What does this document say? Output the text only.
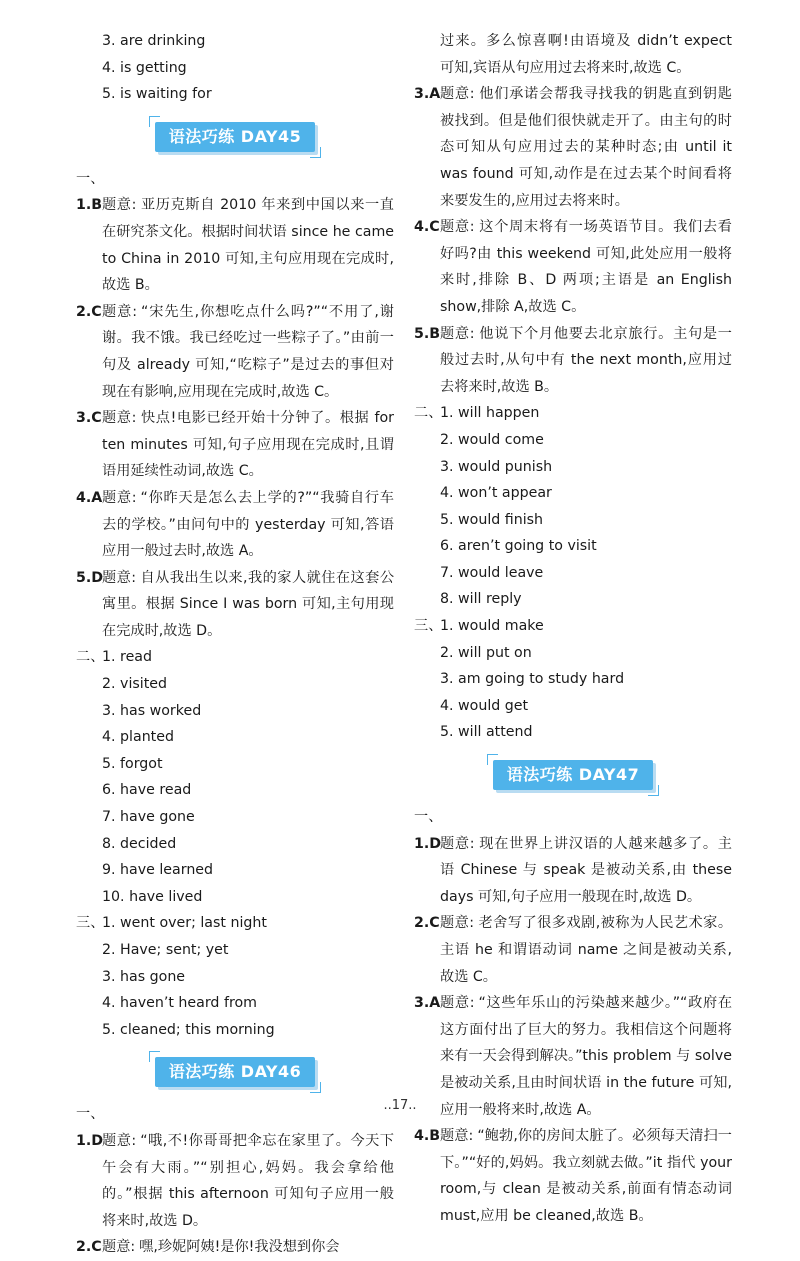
3. are drinking
4. is getting
5. is waiting for
语法巧练 DAY45
一、
1.B 题意: 亚历克斯自 2010 年来到中国以来一直在研究茶文化。根据时间状语 since he came to China in 2010 可知,主句应用现在完成时,故选 B。
2.C 题意: “宋先生,你想吃点什么吗?”“不用了,谢谢。我不饿。我已经吃过一些粽子了。”由前一句及 already 可知,“吃粽子”是过去的事但对现在有影响,应用现在完成时,故选 C。
3.C 题意: 快点!电影已经开始十分钟了。根据 for ten minutes 可知,句子应用现在完成时,且谓语用延续性动词,故选 C。
4.A 题意: “你昨天是怎么去上学的?”“我骑自行车去的学校。”由问句中的 yesterday 可知,答语应用一般过去时,故选 A。
5.D
题意: 自从我出生以来,我的家人就住在这套公寓里。根据 Since I was born 可知,主句用现在完成时,故选 D。
二、
1. read
2. visited
3. has worked
4. planted
5. forgot
6. have read
7. have gone
8. decided
9. have learned
10. have lived
三、
1. went over; last night
2. Have; sent; yet
3. has gone
4. haven’t heard from
5. cleaned; this morning
语法巧练 DAY46
一、
1.D
题意: “哦,不!你哥哥把伞忘在家里了。今天下午会有大雨。”“别担心,妈妈。我会拿给他的。”根据 this afternoon 可知句子应用一般将来时,故选 D。
2.C 题意: 嘿,珍妮阿姨!是你!我没想到你会
过来。多么惊喜啊!由语境及 didn’t expect 可知,宾语从句应用过去将来时,故选 C。
3.A 题意: 他们承诺会帮我寻找我的钥匙直到钥匙被找到。但是他们很快就走开了。由主句的时态可知从句应用过去的某种时态;由 until it was found 可知,动作是在过去某个时间看将来要发生的,应用过去将来时。
4.C 题意: 这个周末将有一场英语节目。我们去看好吗?由 this weekend 可知,此处应用一般将来时,排除 B、D 两项;主语是 an English show,排除 A,故选 C。
5.B 题意: 他说下个月他要去北京旅行。主句是一般过去时,从句中有 the next month,应用过去将来时,故选 B。
二、
1. will happen
2. would come
3. would punish
4. won’t appear
5. would finish
6. aren’t going to visit
7. would leave
8. will reply
三、
1. would make
2. will put on
3. am going to study hard
4. would get
5. will attend
语法巧练 DAY47
一、
1.D
题意: 现在世界上讲汉语的人越来越多了。主语 Chinese 与 speak 是被动关系,由 these days 可知,句子应用一般现在时,故选 D。
2.C 题意: 老舍写了很多戏剧,被称为人民艺术家。主语 he 和谓语动词 name 之间是被动关系,故选 C。
3.A 题意: “这些年乐山的污染越来越少。”“政府在这方面付出了巨大的努力。我相信这个问题将来有一天会得到解决。”this problem 与 solve 是被动关系,且由时间状语 in the future 可知,应用一般将来时,故选 A。
4.B 题意: “鲍勃,你的房间太脏了。必须每天清扫一下。”“好的,妈妈。我立刻就去做。”it 指代 your room,与 clean 是被动关系,前面有情态动词 must,应用 be cleaned,故选 B。
..17..
